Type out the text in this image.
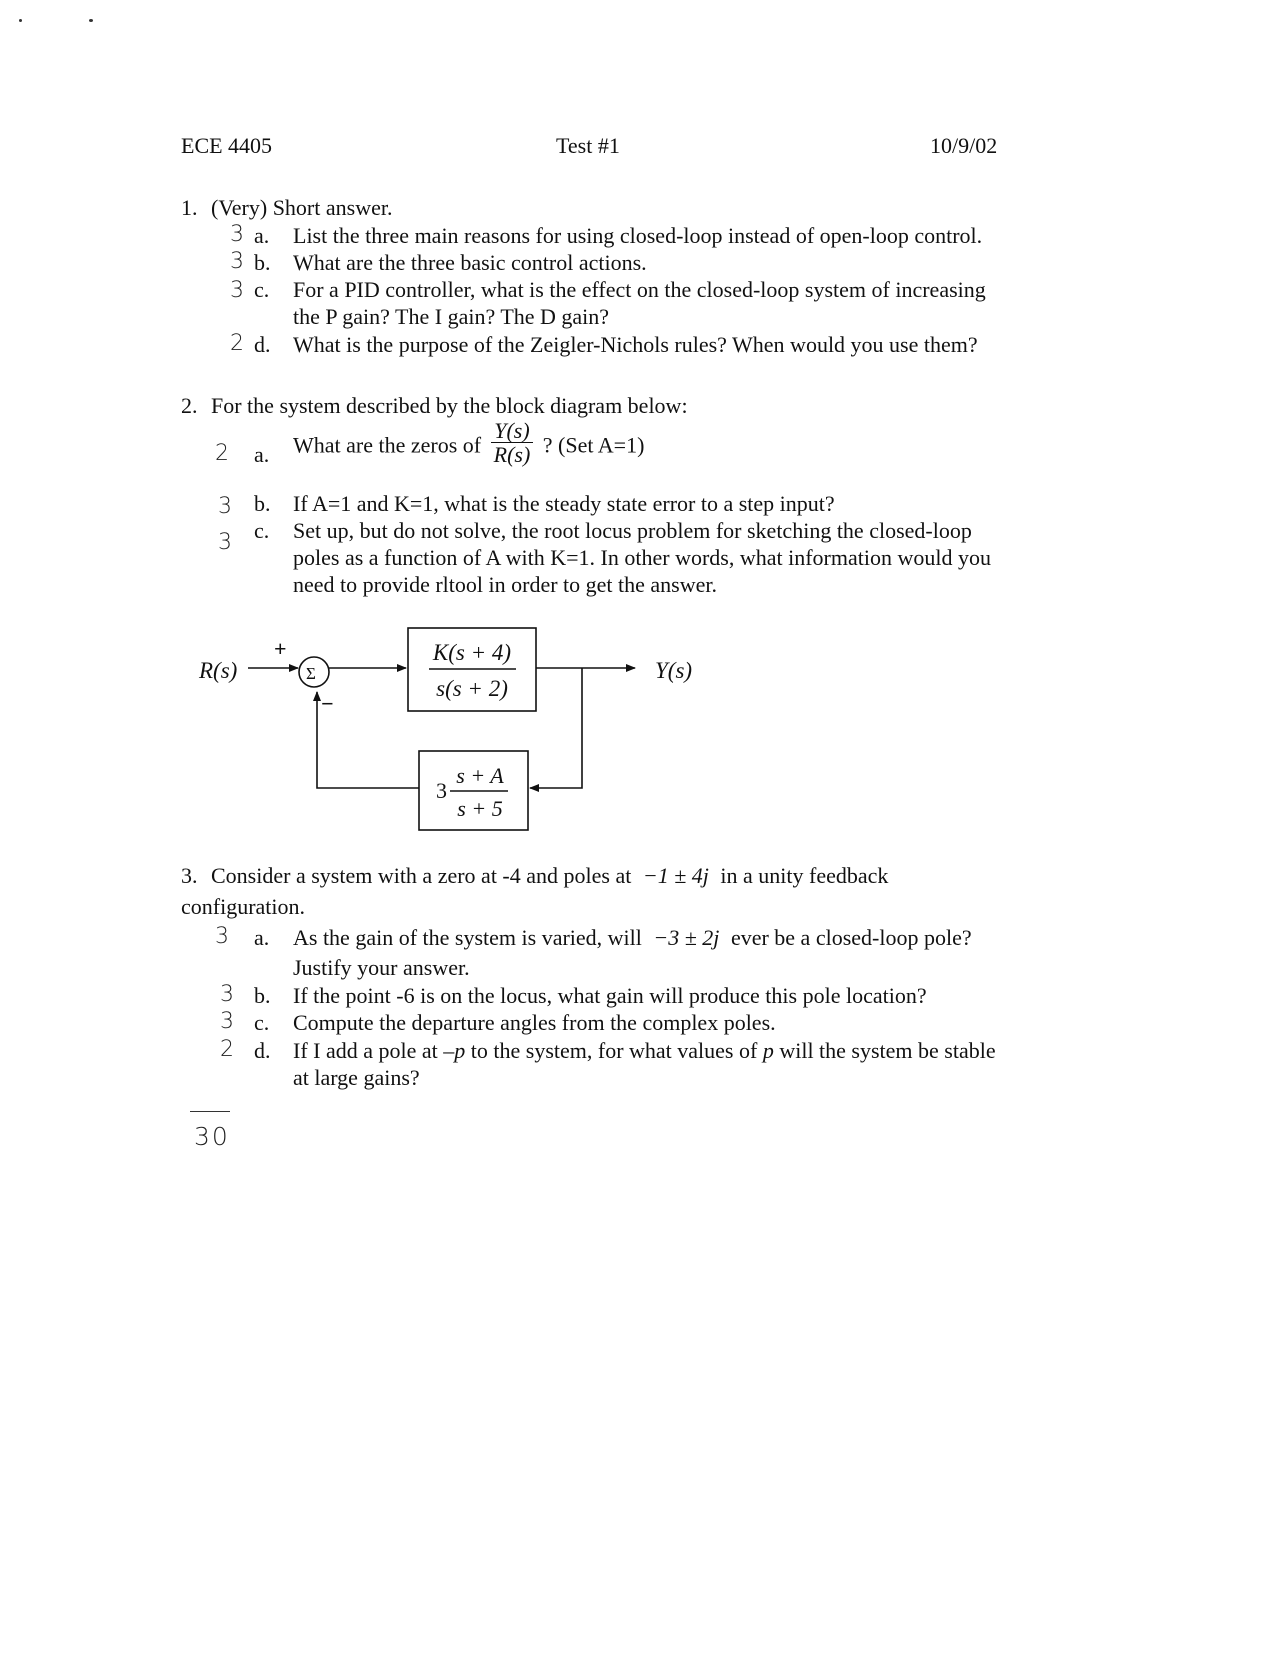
ECE 4405	Test #1	10/9/02
1. (Very) Short answer.
3 a. List the three main reasons for using closed-loop instead of open-loop control.
3 b. What are the three basic control actions.
3 c. For a PID controller, what is the effect on the closed-loop system of increasing
the P gain? The I gain? The D gain?
2 d. What is the purpose of the Zeigler-Nichols rules? When would you use them?
2. For the system described by the block diagram below:
2 a. What are the zeros of $\frac{Y(s)}{R(s)}$ ? (Set A=1)
3 b. If A=1 and K=1, what is the steady state error to a step input?
3 c. Set up, but do not solve, the root locus problem for sketching the closed-loop
poles as a function of A with K=1. In other words, what information would you
need to provide rltool in order to get the answer.
R(s)	Y(s)
Σ
+
−
K(s + 4)
s(s + 2)
3
s + A
s + 5
3. Consider a system with a zero at -4 and poles at −1 ± 4j in a unity feedback
configuration.
3 a. As the gain of the system is varied, will −3 ± 2j ever be a closed-loop pole?
Justify your answer.
3 b. If the point -6 is on the locus, what gain will produce this pole location?
3 c. Compute the departure angles from the complex poles.
2 d. If I add a pole at –p to the system, for what values of p will the system be stable
at large gains?
30
